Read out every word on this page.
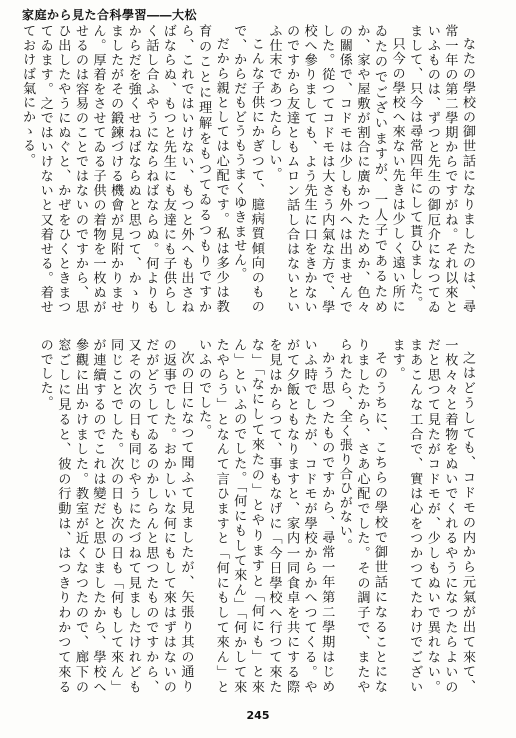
家庭から見た合科學習――大松

なたの學校の御世話になりましたのは、尋常一年の第二學期からですがね。それ以來といふものは、ずつと先生の御厄介になつてゐまして、只今は尋常四年にして貰ひました。

只今の學校へ來ない先きは少しく遠い所にゐたのでございますが、一人子であるためか、家や屋敷が割合に廣かつたためか、色々の關係で、コドモは少しも外へは出ませんでした。從つてコドモは大さう内氣な方で、學校へ參りましても、よう先生に口をきかないのですから友達ともムロン話し合はないといふ仕末であつたらしい。

こんな子供にかぎつて、臆病質傾向のもので、からだもどうもうまくゆきません。

だから親としては心配です。私は多少は教育のことに理解をもつてゐるつもりですから、これではいけない、もつと外へも出さねばならぬ、もつと先生にも友達にも子供らしく話し合ふやうにならねばならぬ。何よりもからだを強くせねばならぬと思つて、かゝりましたがその鍛鍊づける機會が見附かりません。厚着をさせてゐる子供の着物を一枚ぬがせるのは容易のことではないのですから、思ひ出したやうにぬぐと、かぜをひくときまつてゐます。之ではいけないと又着せる。着せておけば氣にかゝる。

之はどうしても、コドモの内から元氣が出て來て、一枚々々と着物をぬいでくれるやうになつたらよいのだと思つて見たがコドモが、少しもぬいで異れない。まあこんな工合で、實は心をつかつてたわけでございます。

そのうちに、こちらの學校で御世話になることになりましたから、さあ心配でした。その調子で、またやられたら、全く張り合ひがない。

かう思つたものですから、尋常一年第二學期はじめいふ時でしたが、コドモが學校からかへつてくる。やがて夕飯ともなりますと、家内一同食卓を共にする際を見はからつて、事もなげに「今日學校へ行つて來たな」「なにして來たの」とやりますと「何にも」と來ん」といふのでした。「何にもして來ん」「何かして來たやらう」となんて言ひますと「何にもして來ん」といふのでした。

次の日になつて聞ふて見ましたが、矢張り其の通りの返事でした。おかしいな何にもして來はずはないのだがどうしてゐるのかしらんと思つたものですから、又その次の日も同じやうにたづねて見ましたけれども同じことでした。次の日も次の日も「何もして來ん」が連續するのでこれは變だと思ひましたから、學校へ參觀に出かけました。教室が近くなつたので、廊下の窓ごしに見ると、彼の行動は、はつきりわかつて來るのでした。

245
